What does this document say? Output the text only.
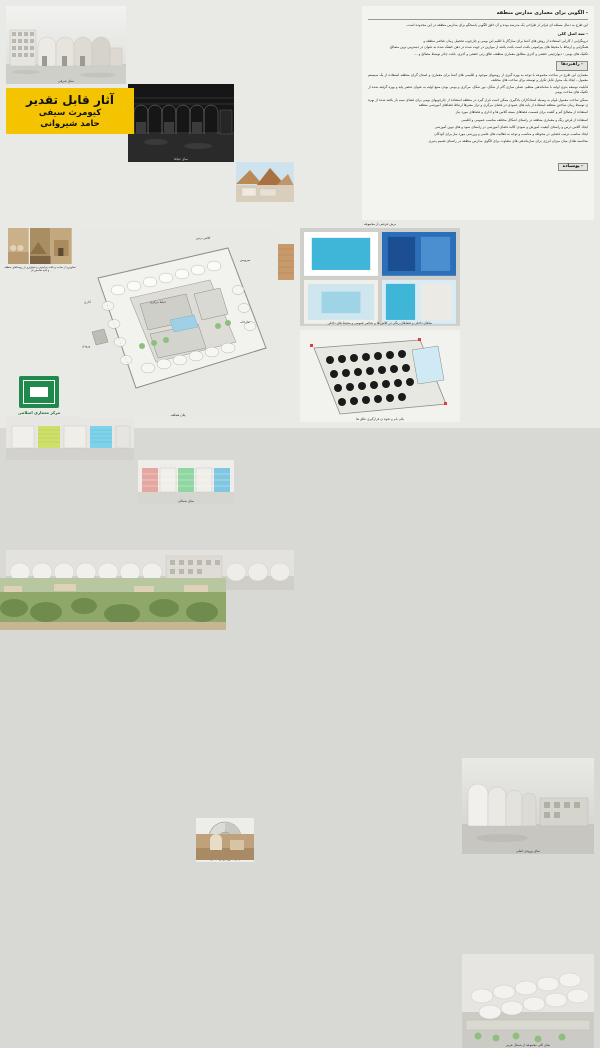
نمای شرقی
نمای حیاط
آثار قابل تقدیر
کیومرث سیفی
حامد شیروانی
نمای شمالی
- الگویی برای معماری مدارس منطقه
این طرح به دنبال مسئله ای فراتر از طراحی یک مدرسه بوده و آن خلق الگویی پاسخگو برای مدارس منطقه در این محدوده است.
- سه اصل کلی
درونگرایی / کارایی استفاده از روش های آشنا برای سازگار با اقلیم این بومی و چارچوب تحصیل زمان عناصر منطقه و
همگرایی و ارتباط با محیط های پیرامونی بافت است بافت یافته از موازین در جهت شده در ذهن خشک شده به عنوان در دسترس ترین مصالح
تکنیک های بومی : دیوارچینی خشتی و آجری مطابق معماری منطقه، طاق زنی خشتی و آجری، بافت چادر توسط مصالح و ...
- راهبردها
معماری این طرح در ساحت مجموعه با توجه به بهره گیری از روشهای موجود و اقلیمی های آشنا برای معماری و استان گران منطقه استفاده از یک سیستم معمول ، ایجاد یک مدول قابل تکرار و توسعه برای ساخت های مختلف
قابلیت توسعه بدون اولیه با ساماندهی منظم، عملی سازی گام از شکل، نور شکل، مرکزی و بومی بودن منبع اولیه به عنوان عنصر پایه و بهره گرفته شده از تکنیک های ساخت بومی
ممکن ساخت معمول قوام به وسیله استادکاران یادگیری ممکن است قرار گیرد در منطقه استفاده از چارچوبهای بومی برای فضای نیمه باز یافته شده از بهره ی توسط زمان ساختن منطقه استفاده از پایه های عمودی در فضای مرکزی و تراز معبرها ارتباط فضاهای آموزشی منطقه
استفاده از مصالح کم و کشت برای قسمت فضاهای بسته کلاس ها و اداری و فضاهای مورد نیاز
استفاده از قرص رنگ و معماری منطقه در راستای اشکال مختلف مناسب عمومی و اقلیمی
ایجاد کلاس درس و راستای کیفیت آموزش و نمودی کالبد فضای آموزشی در راستای نمود و های نوین آموزشی
ایجاد مناسب ترتیب فضایی در محوطه و مناسب و توجه به فعالیت های علمی و ورزشی مورد نیاز برای کودکان
محاسبه تعادل میان میزان انرژی برای سازماندهی های متفاوت برای الگوی مدارس منطقه در راستای تعمیم پذیری
- پوشیاده
تصاویری از سایت و بافت پیرامونی و تصاویری از روستاهای منطقه و ابنیه شاخص آن
مرکز معماری اسلامی
پلان همکف
کلاس درس
حیاط مرکزی
اداری
ورودی
سرویس
نمازخانه	نماهای داخلی و فضاهای رنگی در کلاس ها و عناصر عمومی و محیط های داخلی
پلان بام و نحوه ی قرارگیری طاق ها
نمای ورودی اصلی
نمای کلی مجموعه از شمال غربی
برش عرضی از مجموعه
